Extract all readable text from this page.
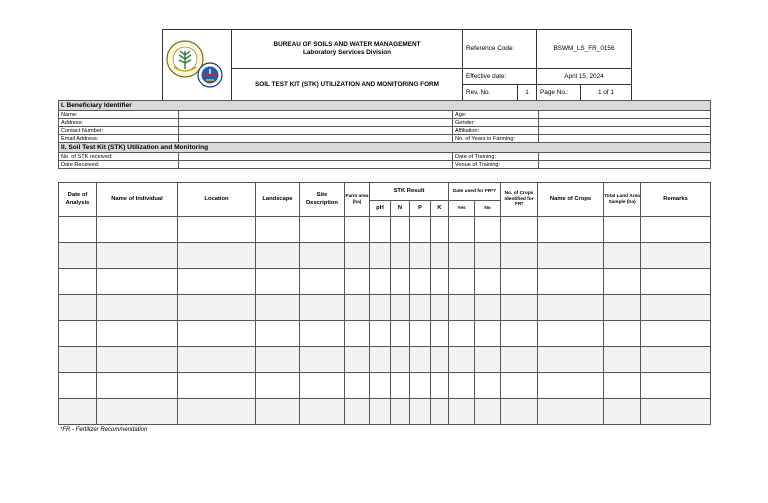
BUREAU OF SOILS AND WATER MANAGEMENT
Laboratory Services Division	Reference Code:	BSWM_LS_FR_0156	
	SOIL TEST KIT (STK) UTILIZATION AND MONITORING FORM	Effective date:	April 15, 2024	

		Rev. No. 1	Page No.:	1 of 1
I. Beneficiary Identifier			
Name:		Age:	
Address:		Gender:	
Contact Number:		Affiliation:	
Email Address:		No. of Years in Farming:	
II. Soil Test Kit (STK) Utilization and Monitoring			
No. of STK received:		Date of Training:	
Date Received:		Venue of Training:	
Date of Analysis	Name of Individual	Location	Landscape	Site Description	Farm area (ha)	STK Result				Date used for FR*?		No. of Crops Identified for FR*	Name of Crops	Total Land Area Sample (ha)	Remarks
						pH	N	P	K	Yes	No				

*FR - Fertilizer Recommendation
